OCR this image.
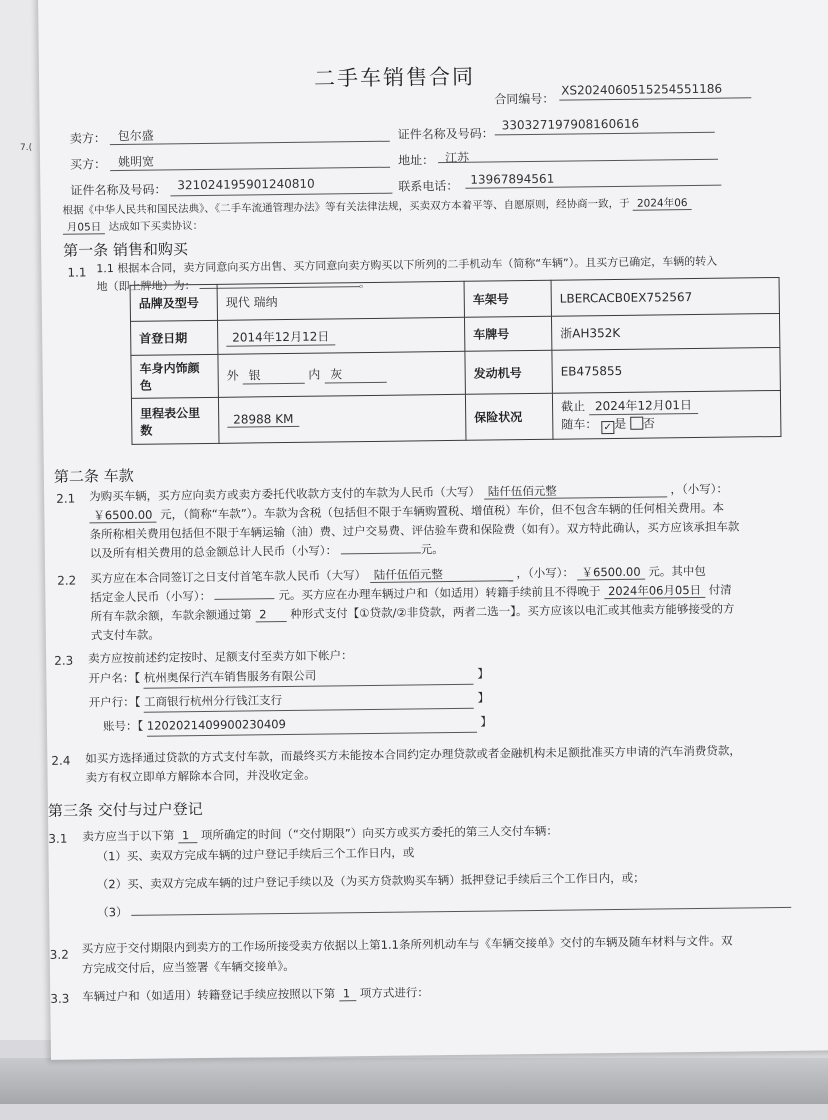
二手车销售合同
合同编号：
XS202406051525455118​6
卖方： 包尔盛	证件名称及号码：
330327197908160616
买方： 姚明宽	地址： 江苏
证件名称及号码： 321024195901240810	联系电话： 13967894561
根据《中华人民共和国民法典》、《二手车流通管理办法》等有关法律法规，买卖双方本着平等、自愿原则，经协商一致，于 2024年06
月05日 达成如下买卖协议：
第一条 销售和购买
1.1 1.1 根据本合同，卖方同意向买方出售、买方同意向卖方购买以下所列的二手机动车（简称“车辆”）。且买方已确定，车辆的转入
地（即上牌地）为：	。
品牌及型号	现代 瑞纳	车架号	LBERCACB0EX752567
首登日期	2014年12月12日	车牌号	浙AH352K
车身内饰颜色	外 银 内 灰	发动机号	EB475855
里程表公里数	28988 KM	保险状况	截止 2024年12月01日
随车： ✓ 是 否
第二条 车款
2.1 为购买车辆，买方应向卖方或卖方委托代收款方支付的车款为人民币（大写） 陆仟伍佰元整	，（小写）：
￥6500.00 元，（简称“车款”）。车款为含税（包括但不限于车辆购置税、增值税）车价，但不包含车辆的任何相关费用。本
条所称相关费用包括但不限于车辆运输（油）费、过户交易费、评估验车费和保险费（如有）。双方特此确认，买方应该承担车款
以及所有相关费用的总金额总计人民币（小写）：	元。
2.2 买方应在本合同签订之日支付首笔车款人民币（大写） 陆仟伍佰元整	，（小写）： ￥6500.00 元。其中包
括定金人民币（小写）：	元。买方应在办理车辆过户和（如适用）转籍手续前且不得晚于 2024年06月05日 付清
所有车款余额，车款余额通过第 2 种形式支付【①贷款/②非贷款，两者二选一】。买方应该以电汇或其他卖方能够接受的方
式支付车款。
2.3 卖方应按前述约定按时、足额支付至卖方如下帐户：
开户名：【 杭州奥保行汽车销售服务有限公司	】
开户行：【 工商银行杭州分行钱江支行	】
账号：【 1202021409900230409	】
2.4 如买方选择通过贷款的方式支付车款，而最终买方未能按本合同约定办理贷款或者金融机构未足额批准买方申请的汽车消费贷款，
卖方有权立即单方解除本合同，并没收定金。
第三条 交付与过户登记
3.1 卖方应当于以下第 1 项所确定的时间（“交付期限”）向买方或买方委托的第三人交付车辆：
（1）买、卖双方完成车辆的过户登记手续后三个工作日内，或
（2）买、卖双方完成车辆的过户登记手续以及（为买方贷款购买车辆）抵押登记手续后三个工作日内，或；
（3）
3.2 买方应于交付期限内到卖方的工作场所接受卖方依据以上第1.1条所列机动车与《车辆交接单》交付的车辆及随车材料与文件。双
方完成交付后，应当签署《车辆交接单》。
3.3 车辆过户和（如适用）转籍登记手续应按照以下第 1 项方式进行：
7.(
